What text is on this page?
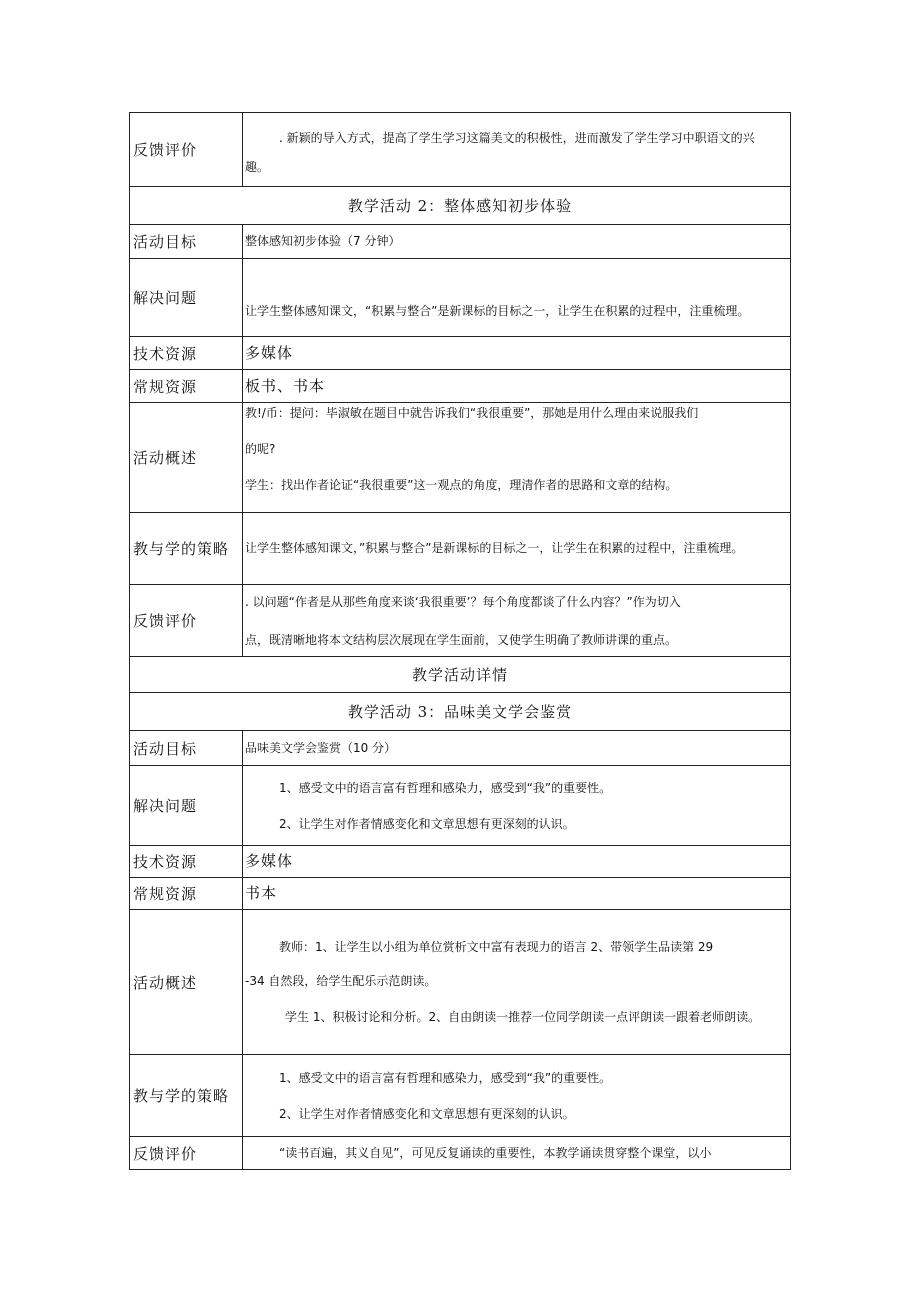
反馈评价	. 新颖的导入方式，提高了学生学习这篇美文的积极性，进而激发了学生学习中职语文的兴

趣。

教学活动 2：整体感知初步体验	
活动目标	整体感知初步体验（7 分钟）
解决问题	让学生整体感知课文，“积累与整合”是新课标的目标之一，让学生在积累的过程中，注重梳理。

技术资源	多媒体
常规资源	板书、书本
活动概述	教!/币：提问：毕淑敏在题目中就告诉我们“我很重要”，那她是用什么理由来说服我们

的呢?

学生：找出作者论证“我很重要”这一观点的角度，理清作者的思路和文章的结构。

教与学的策略	让学生整体感知课文，”积累与整合”是新课标的目标之一，让学生在积累的过程中，注重梳理。
反馈评价	. 以问题“作者是从那些角度来谈‘我很重要’？每个角度都谈了什么内容？”作为切入

点，既清晰地将本文结构层次展现在学生面前，又使学生明确了教师讲课的重点。

教学活动详情	
教学活动 3：品味美文学会鉴赏	
活动目标	品味美文学会鉴赏（10 分）
解决问题	1、感受文中的语言富有哲理和感染力，感受到“我”的重要性。

2、让学生对作者情感变化和文章思想有更深刻的认识。

技术资源	多媒体
常规资源	书本
活动概述	教师：1、让学生以小组为单位赏析文中富有表现力的语言 2、带领学生品读第 29

-34 自然段，给学生配乐示范朗读。

学生 1、积极讨论和分析。2、自由朗读一推荐一位同学朗读一点评朗读一跟着老师朗读。

教与学的策略	1、感受文中的语言富有哲理和感染力，感受到“我”的重要性。

2、让学生对作者情感变化和文章思想有更深刻的认识。

反馈评价	“读书百遍，其义自见”，可见反复诵读的重要性，本教学诵读贯穿整个课堂，以小
